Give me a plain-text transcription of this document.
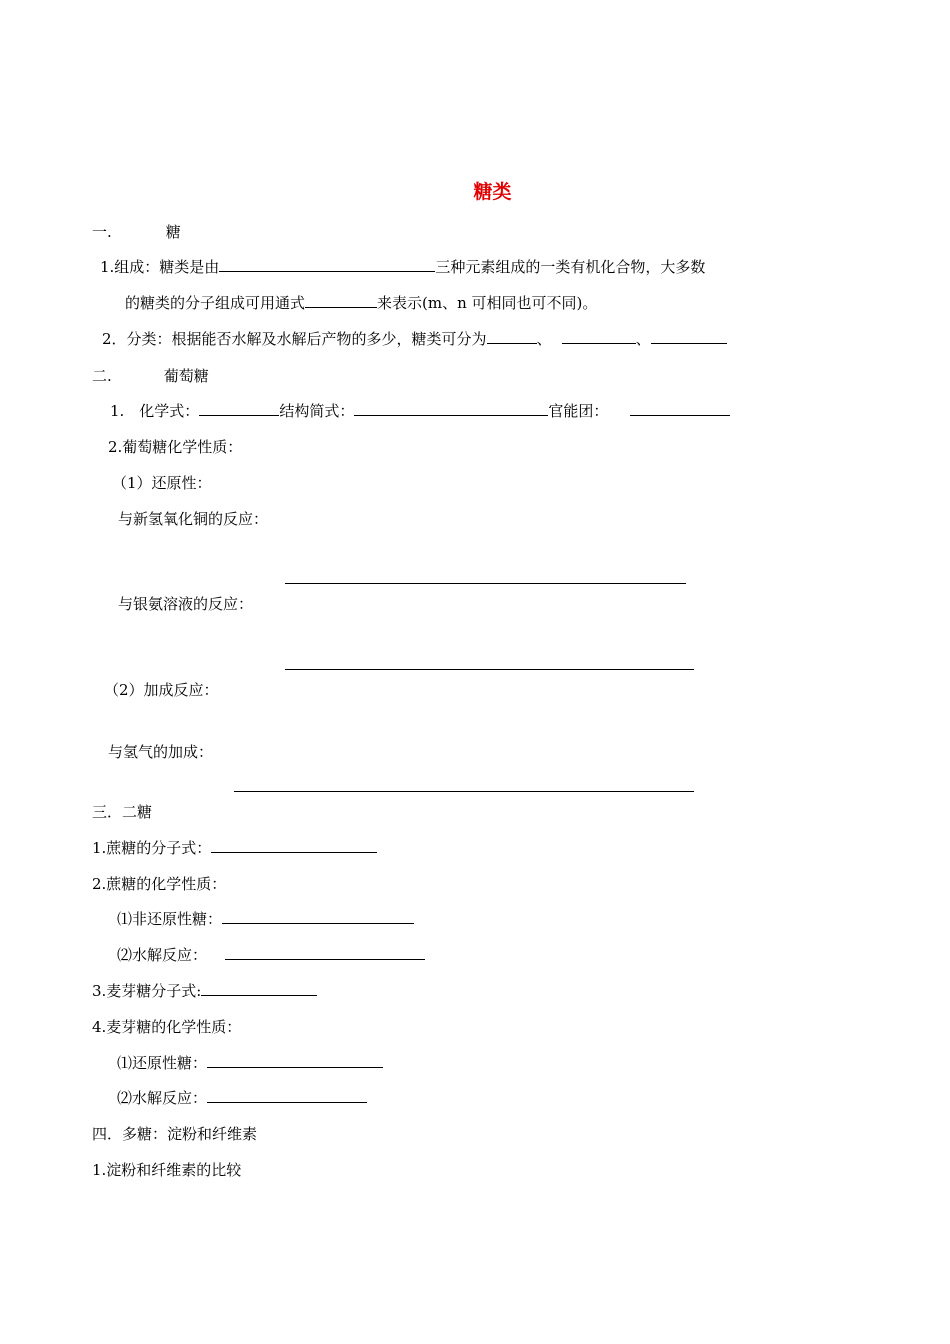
糖类
一.	糖
1.组成：糖类是由	三种元素组成的一类有机化合物，大多数
的糖类的分子组成可用通式	来表示(m、n 可相同也可不同)。
2．分类：根据能否水解及水解后产物的多少，糖类可分为	、	、
二.	葡萄糖
1.　化学式：	结构简式：	官能团：
2.葡萄糖化学性质：
（1）还原性：
与新氢氧化铜的反应：
与银氨溶液的反应：
（2）加成反应：
与氢气的加成：
三．二糖
1.蔗糖的分子式：
2.蔗糖的化学性质：
⑴非还原性糖：
⑵水解反应：
3.麦芽糖分子式:
4.麦芽糖的化学性质：
⑴还原性糖：
⑵水解反应：
四．多糖：淀粉和纤维素
1.淀粉和纤维素的比较
